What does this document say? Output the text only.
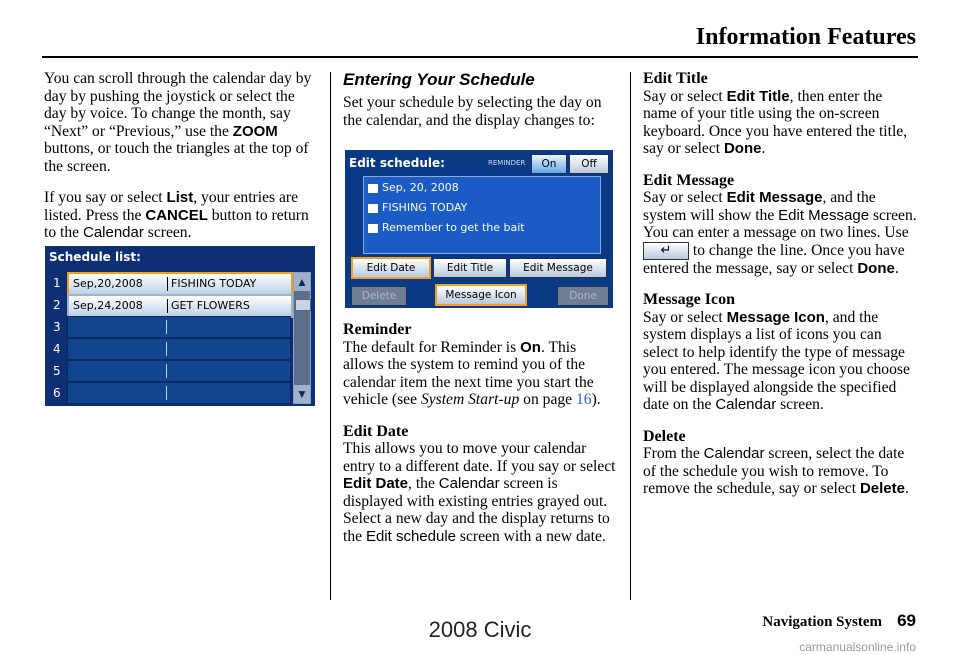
Information Features

You can scroll through the calendar day by day by pushing the joystick or select the day by voice. To change the month, say “Next” or “Previous,” use the ZOOM buttons, or touch the triangles at the top of the screen.

If you say or select List, your entries are listed. Press the CANCEL button to return to the Calendar screen.

Schedule list:
1 Sep,20,2008	FISHING TODAY
2 Sep,24,2008	GET FLOWERS
3
4
5
6
▲
▼
Entering Your Schedule

Set your schedule by selecting the day on the calendar, and the display changes to:

Reminder

The default for Reminder is On. This allows the system to remind you of the calendar item the next time you start the vehicle (see System Start-up on page 16).

Edit Date

This allows you to move your calendar entry to a different date. If you say or select Edit Date, the Calendar screen is displayed with existing entries grayed out. Select a new day and the display returns to the Edit schedule screen with a new date.

Edit schedule:	REMINDER	On	Off
Sep, 20, 2008
FISHING TODAY
Remember to get the bait
Edit Date	Edit Title	Edit Message
Delete	Message Icon	Done
Edit Title

Say or select Edit Title, then enter the name of your title using the on-screen keyboard. Once you have entered the title, say or select Done.

Edit Message

Say or select Edit Message, and the system will show the Edit Message screen. You can enter a message on two lines. Use ↵ to change the line. Once you have entered the message, say or select Done.

Message Icon

Say or select Message Icon, and the system displays a list of icons you can select to help identify the type of message you entered. The message icon you choose will be displayed alongside the specified date on the Calendar screen.

Delete

From the Calendar screen, select the date of the schedule you wish to remove. To remove the schedule, say or select Delete.

Navigation System 69
2008 Civic
carmanualsonline.info
